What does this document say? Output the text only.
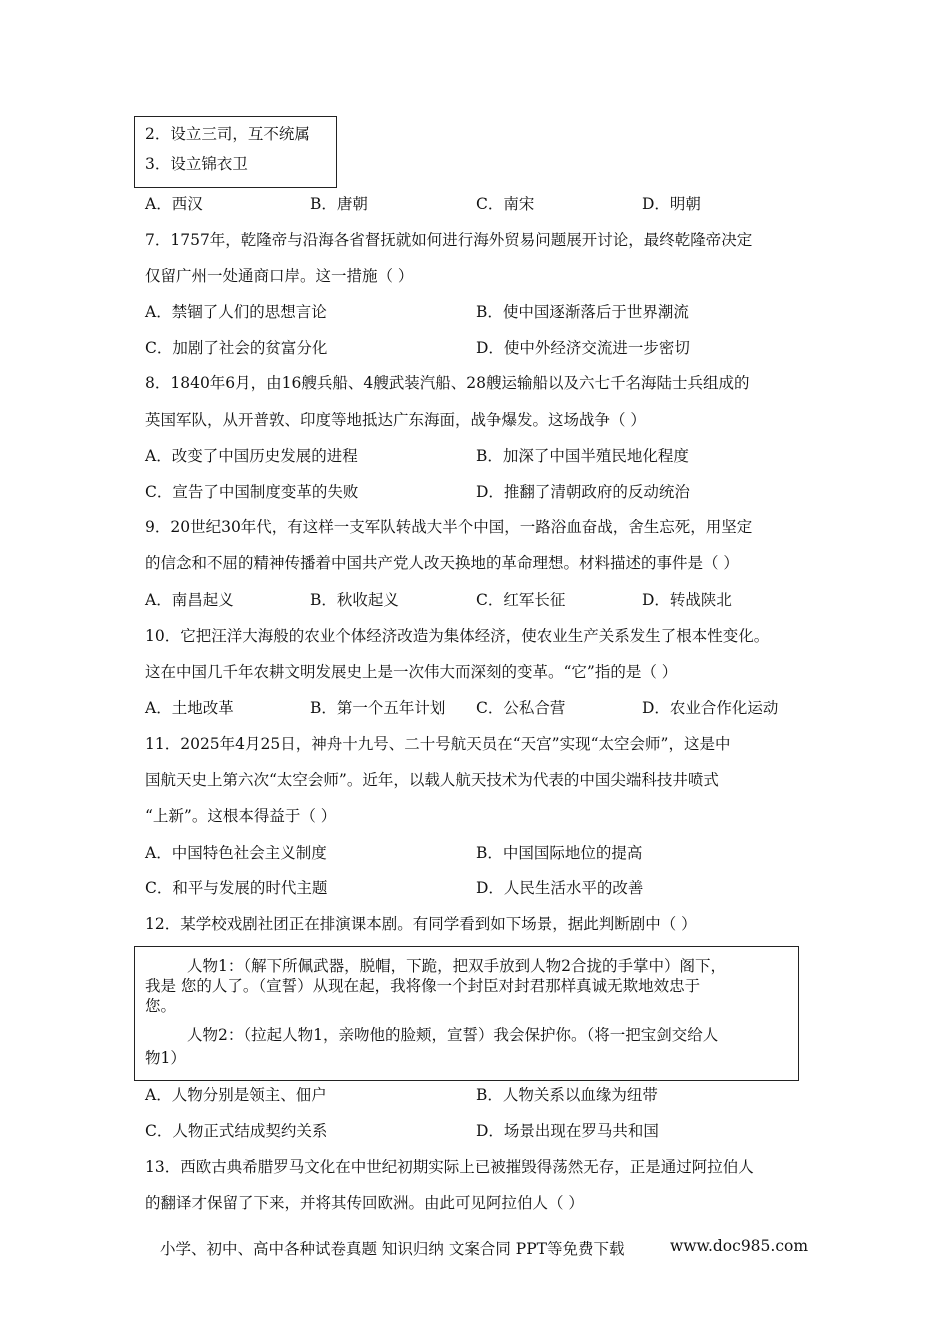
2．设立三司，互不统属
3．设立锦衣卫
A．西汉	B．唐朝	C．南宋	D．明朝
7．1757年，乾隆帝与沿海各省督抚就如何进行海外贸易问题展开讨论，最终乾隆帝决定
仅留广州一处通商口岸。这一措施（ ）
A．禁锢了人们的思想言论	B．使中国逐渐落后于世界潮流
C．加剧了社会的贫富分化	D．使中外经济交流进一步密切
8．1840年6月，由16艘兵船、4艘武装汽船、28艘运输船以及六七千名海陆士兵组成的
英国军队，从开普敦、印度等地抵达广东海面，战争爆发。这场战争（ ）
A．改变了中国历史发展的进程	B．加深了中国半殖民地化程度
C．宣告了中国制度变革的失败	D．推翻了清朝政府的反动统治
9．20世纪30年代，有这样一支军队转战大半个中国，一路浴血奋战，舍生忘死，用坚定
的信念和不屈的精神传播着中国共产党人改天换地的革命理想。材料描述的事件是（ ）
A．南昌起义	B．秋收起义	C．红军长征	D．转战陕北
10．它把汪洋大海般的农业个体经济改造为集体经济，使农业生产关系发生了根本性变化。
这在中国几千年农耕文明发展史上是一次伟大而深刻的变革。“它”指的是（ ）
A．土地改革	B．第一个五年计划 C．公私合营	D．农业合作化运动
11．2025年4月25日，神舟十九号、二十号航天员在“天宫”实现“太空会师”，这是中
国航天史上第六次“太空会师”。近年，以载人航天技术为代表的中国尖端科技井喷式
“上新”。这根本得益于（ ）
A．中国特色社会主义制度	B．中国国际地位的提高
C．和平与发展的时代主题	D．人民生活水平的改善
12．某学校戏剧社团正在排演课本剧。有同学看到如下场景，据此判断剧中（ ）
人物1：（解下所佩武器，脱帽，下跪，把双手放到人物2合拢的手掌中）阁下，
我是 您的人了。（宣誓）从现在起，我将像一个封臣对封君那样真诚无欺地效忠于
您。
人物2：（拉起人物1，亲吻他的脸颊，宣誓）我会保护你。（将一把宝剑交给人
物1）
A．人物分别是领主、佃户	B．人物关系以血缘为纽带
C．人物正式结成契约关系	D．场景出现在罗马共和国
13．西欧古典希腊罗马文化在中世纪初期实际上已被摧毁得荡然无存，正是通过阿拉伯人
的翻译才保留了下来，并将其传回欧洲。由此可见阿拉伯人（ ）
小学、初中、高中各种试卷真题 知识归纳 文案合同 PPT等免费下载	www.doc985.com
